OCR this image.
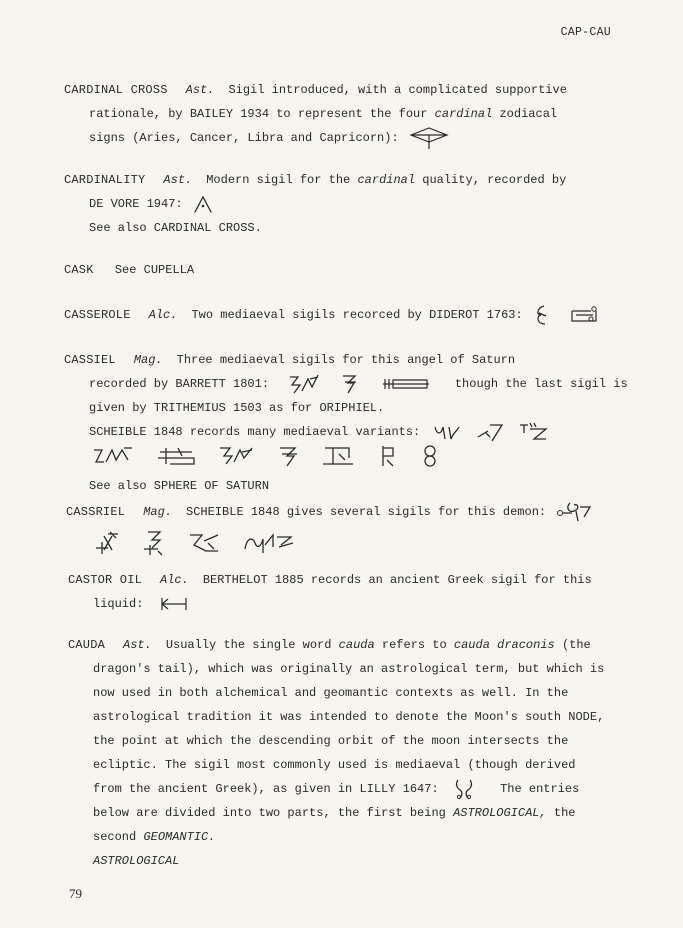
CAP-CAU
CARDINAL CROSS Ast. Sigil introduced, with a complicated supportive
rationale, by BAILEY 1934 to represent the four cardinal zodiacal
signs (Aries, Cancer, Libra and Capricorn):
CARDINALITY Ast. Modern sigil for the cardinal quality, recorded by
DE VORE 1947:
See also CARDINAL CROSS.
CASK See CUPELLA
CASSEROLE Alc. Two mediaeval sigils recorced by DIDEROT 1763:

CASSIEL Mag. Three mediaeval sigils for this angel of Saturn
recorded by BARRETT 1801:

	though the last sigil is
given by TRITHEMIUS 1503 as for ORIPHIEL.
SCHEIBLE 1848 records many mediaeval variants:

See also SPHERE OF SATURN
CASSRIEL Mag. SCHEIBLE 1848 gives several sigils for this demon:

CASTOR OIL Alc. BERTHELOT 1885 records an ancient Greek sigil for this
liquid:
CAUDA Ast. Usually the single word cauda refers to cauda draconis (the
dragon's tail), which was originally an astrological term, but which is
now used in both alchemical and geomantic contexts as well. In the
astrological tradition it was intended to denote the Moon's south NODE,
the point at which the descending orbit of the moon intersects the
ecliptic. The sigil most commonly used is mediaeval (though derived
from the ancient Greek), as given in LILLY 1647:	The entries
below are divided into two parts, the first being ASTROLOGICAL, the
second GEOMANTIC.
ASTROLOGICAL
79
